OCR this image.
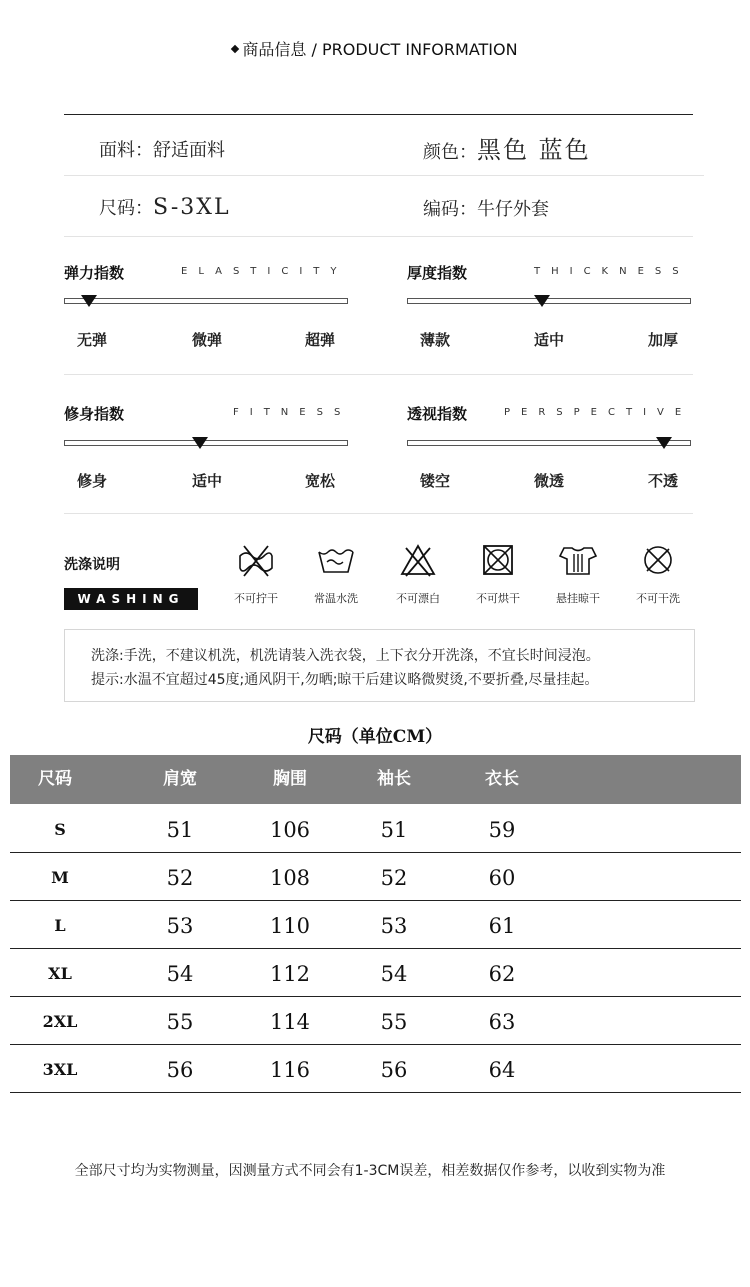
商品信息 / PRODUCT INFORMATION
面料：舒适面料	颜色：黑色 蓝色
尺码：S-3XL	编码：牛仔外套
弹力指数	ELASTICITY
无弹	微弹	超弹
厚度指数	THICKNESS
薄款	适中	加厚
修身指数	FITNESS
修身	适中	宽松
透视指数	PERSPECTIVE
镂空	微透	不透
洗涤说明
WASHING	不可拧干	常温水洗	不可漂白	不可烘干	悬挂晾干	不可干洗
洗涤:手洗，不建议机洗，机洗请装入洗衣袋，上下衣分开洗涤，不宜长时间浸泡。
提示:水温不宜超过45度;通风阴干,勿晒;晾干后建议略微熨烫,不要折叠,尽量挂起。
尺码（单位CM）
尺码	肩宽	胸围	袖长	衣长
S	51	106	51	59
M	52	108	52	60
L	53	110	53	61
XL	54	112	54	62
2XL	55	114	55	63
3XL	56	116	56	64
全部尺寸均为实物测量，因测量方式不同会有1-3CM误差，相差数据仅作参考，以收到实物为准
